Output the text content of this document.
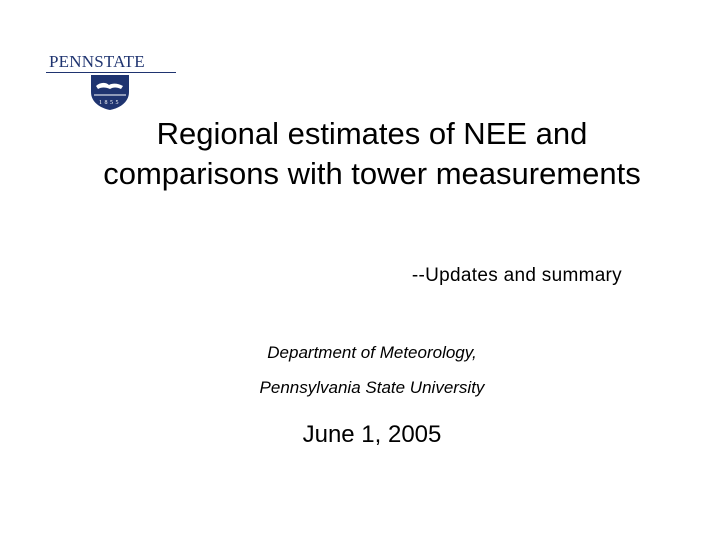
PENNSTATE
1855
Regional estimates of NEE and comparisons with tower measurements
--Updates and summary
Department of Meteorology,
Pennsylvania State University
June 1, 2005
